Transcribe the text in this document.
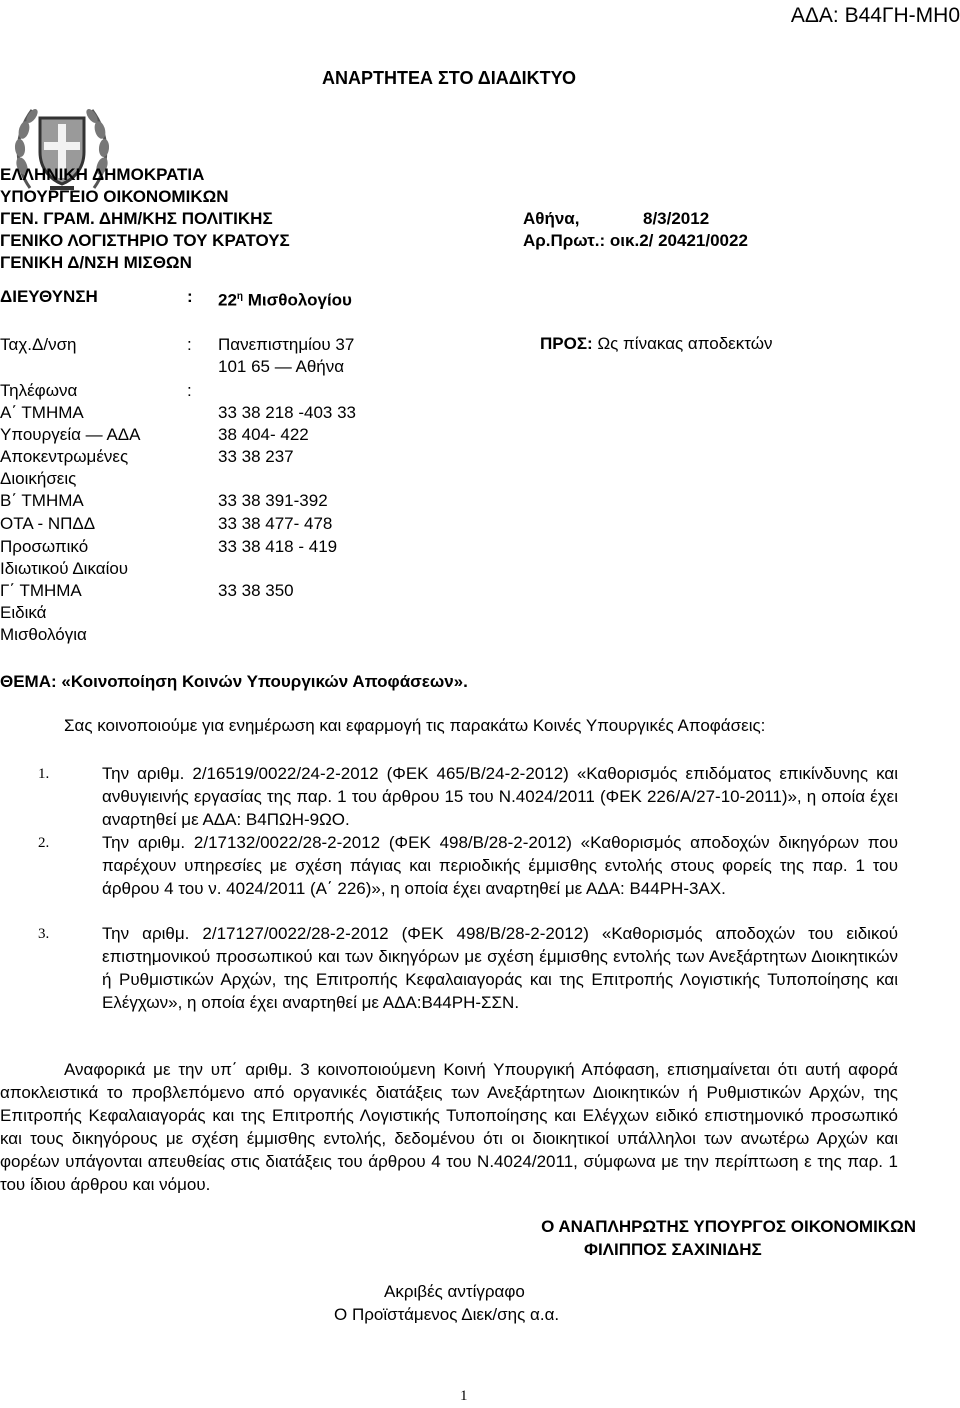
ΑΔΑ: Β44ΓΗ-ΜΗ0
ΑΝΑΡΤΗΤΕΑ ΣΤΟ ΔΙΑΔΙΚΤΥΟ
ΕΛΛΗΝΙΚΗ ΔΗΜΟΚΡΑΤΙΑ
ΥΠΟΥΡΓΕΙΟ ΟΙΚΟΝΟΜΙΚΩΝ
ΓΕΝ. ΓΡΑΜ. ΔΗΜ/ΚΗΣ ΠΟΛΙΤΙΚΗΣ
ΓΕΝΙΚΟ ΛΟΓΙΣΤΗΡΙΟ ΤΟΥ ΚΡΑΤΟΥΣ
ΓΕΝΙΚΗ Δ/ΝΣΗ ΜΙΣΘΩΝ
ΔΙΕΥΘΥΝΣΗ	: $22^\eta$ Μισθολογίου
Αθήνα,	8/3/2012
Αρ.Πρωτ.: οικ.2/ 20421/0022
Ταχ.Δ/νση	: Πανεπιστημίου 37
101 65 — Αθήνα
Τηλέφωνα	:
Α΄ ΤΜΗΜΑ	33 38 218 -403 33
Υπουργεία — ΑΔΑ	38 404- 422
Αποκεντρωμένες	33 38 237
Διοικήσεις
Β΄ ΤΜΗΜΑ	33 38 391-392
ΟΤΑ - ΝΠΔΔ	33 38 477- 478
Προσωπικό	33 38 418 - 419
Ιδιωτικού Δικαίου
Γ΄ ΤΜΗΜΑ	33 38 350
Ειδικά
Μισθολόγια
ΠΡΟΣ: Ως πίνακας αποδεκτών
ΘΕΜΑ: «Κοινοποίηση Κοινών Υπουργικών Αποφάσεων».
Σας κοινοποιούμε για ενημέρωση και εφαρμογή τις παρακάτω Κοινές Υπουργικές Αποφάσεις:
1.	Την αριθμ. 2/16519/0022/24-2-2012 (ΦΕΚ 465/Β/24-2-2012) «Καθορισμός επιδόματος επικίνδυνης και ανθυγιεινής εργασίας της παρ. 1 του άρθρου 15 του Ν.4024/2011 (ΦΕΚ 226/Α/27-10-2011)», η οποία έχει αναρτηθεί με ΑΔΑ: Β4ΠΩΗ-9ΩΟ.
2.	Την αριθμ. 2/17132/0022/28-2-2012 (ΦΕΚ 498/Β/28-2-2012) «Καθορισμός αποδοχών δικηγόρων που παρέχουν υπηρεσίες με σχέση πάγιας και περιοδικής έμμισθης εντολής στους φορείς της παρ. 1 του άρθρου 4 του ν. 4024/2011 (Α΄ 226)», η οποία έχει αναρτηθεί με ΑΔΑ: Β44ΡΗ-3ΑΧ.
3.	Την αριθμ. 2/17127/0022/28-2-2012 (ΦΕΚ 498/Β/28-2-2012) «Καθορισμός αποδοχών του ειδικού επιστημονικού προσωπικού και των δικηγόρων με σχέση έμμισθης εντολής των Ανεξάρτητων Διοικητικών ή Ρυθμιστικών Αρχών, της Επιτροπής Κεφαλαιαγοράς και της Επιτροπής Λογιστικής Τυποποίησης και Ελέγχων», η οποία έχει αναρτηθεί με ΑΔΑ:Β44ΡΗ-ΣΣΝ.
Αναφορικά με την υπ΄ αριθμ. 3 κοινοποιούμενη Κοινή Υπουργική Απόφαση, επισημαίνεται ότι αυτή αφορά αποκλειστικά το προβλεπόμενο από οργανικές διατάξεις των Ανεξάρτητων Διοικητικών ή Ρυθμιστικών Αρχών, της Επιτροπής Κεφαλαιαγοράς και της Επιτροπής Λογιστικής Τυποποίησης και Ελέγχων ειδικό επιστημονικό προσωπικό και τους δικηγόρους με σχέση έμμισθης εντολής, δεδομένου ότι οι διοικητικοί υπάλληλοι των ανωτέρω Αρχών και φορέων υπάγονται απευθείας στις διατάξεις του άρθρου 4 του Ν.4024/2011, σύμφωνα με την περίπτωση ε της παρ. 1 του ίδιου άρθρου και νόμου.
Ο ΑΝΑΠΛΗΡΩΤΗΣ ΥΠΟΥΡΓΟΣ ΟΙΚΟΝΟΜΙΚΩΝ
ΦΙΛΙΠΠΟΣ ΣΑΧΙΝΙΔΗΣ
Ακριβές αντίγραφο
Ο Προϊστάμενος Διεκ/σης α.α.
1
